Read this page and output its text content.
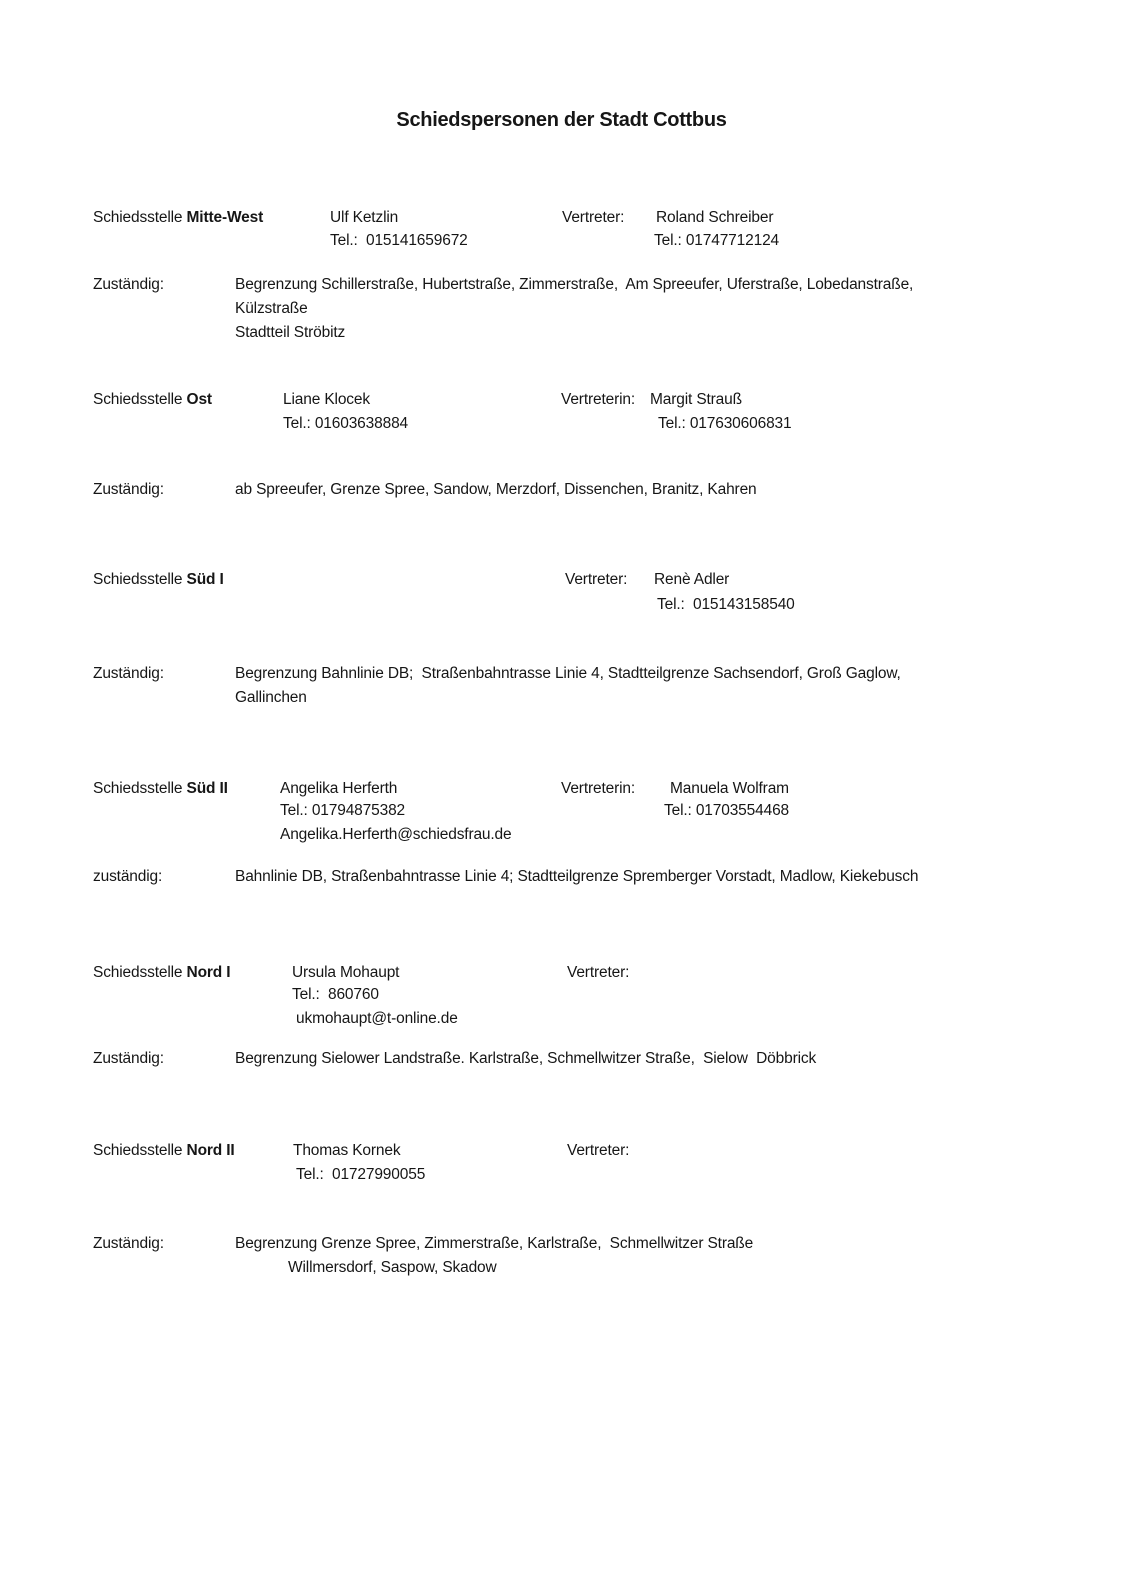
Schiedspersonen der Stadt Cottbus
Schiedsstelle Mitte-West	Ulf Ketzlin
Tel.:  015141659672
Vertreter: Roland Schreiber
Tel.: 01747712124
Zuständig:	Begrenzung Schillerstraße, Hubertstraße, Zimmerstraße,  Am Spreeufer, Uferstraße, Lobedanstraße,
Külzstraße
Stadtteil Ströbitz
Schiedsstelle Ost	Liane Klocek
Tel.: 01603638884
Vertreterin: Margit Strauß
Tel.: 017630606831
Zuständig:	ab Spreeufer, Grenze Spree, Sandow, Merzdorf, Dissenchen, Branitz, Kahren
Schiedsstelle Süd I	Vertreter: Renè Adler
Tel.:  015143158540
Zuständig:	Begrenzung Bahnlinie DB;  Straßenbahntrasse Linie 4, Stadtteilgrenze Sachsendorf, Groß Gaglow,
Gallinchen
Schiedsstelle Süd II	Angelika Herferth
Tel.: 01794875382
Angelika.Herferth@schiedsfrau.de
Vertreterin: Manuela Wolfram
Tel.: 01703554468
zuständig:	Bahnlinie DB, Straßenbahntrasse Linie 4; Stadtteilgrenze Spremberger Vorstadt, Madlow, Kiekebusch
Schiedsstelle Nord I	Ursula Mohaupt
Tel.:  860760
ukmohaupt@t-online.de
Vertreter:
Zuständig:	Begrenzung Sielower Landstraße. Karlstraße, Schmellwitzer Straße,  Sielow  Döbbrick
Schiedsstelle Nord II	Thomas Kornek
Tel.:  01727990055
Vertreter:
Zuständig:	Begrenzung Grenze Spree, Zimmerstraße, Karlstraße,  Schmellwitzer Straße
Willmersdorf, Saspow, Skadow
